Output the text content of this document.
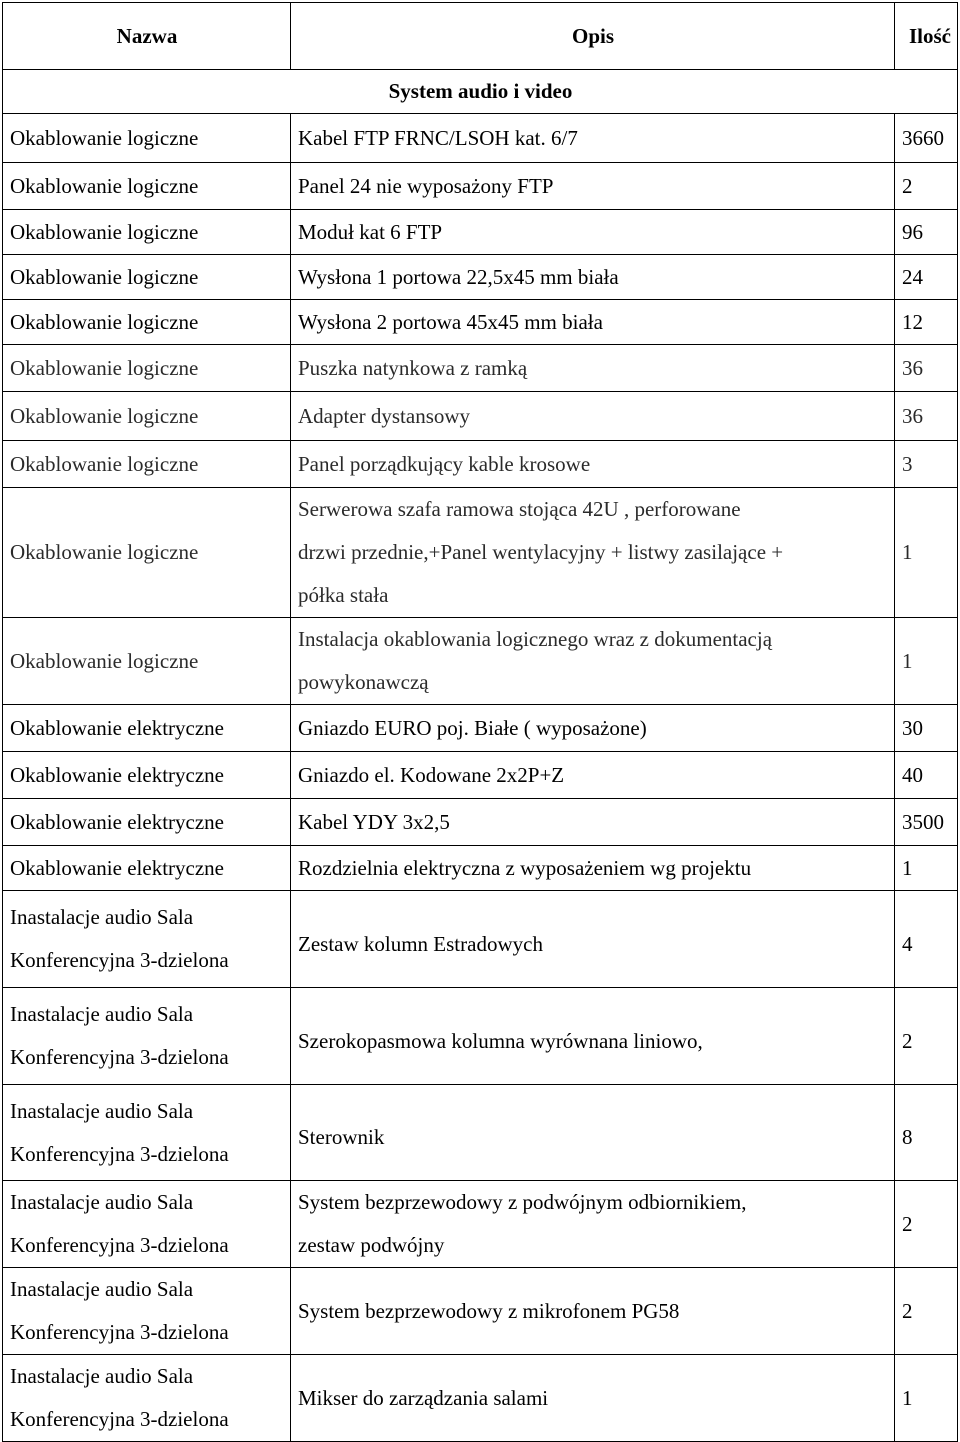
Nazwa	Opis	Ilość
System audio i video		
Okablowanie logiczne	Kabel FTP FRNC/LSOH kat. 6/7	3660
Okablowanie logiczne	Panel 24 nie wyposażony FTP	2
Okablowanie logiczne	Moduł kat 6 FTP	96
Okablowanie logiczne	Wysłona 1 portowa 22,5x45 mm biała	24
Okablowanie logiczne	Wysłona 2 portowa 45x45 mm biała	12
Okablowanie logiczne	Puszka natynkowa z ramką	36
Okablowanie logiczne	Adapter dystansowy	36
Okablowanie logiczne	Panel porządkujący kable krosowe	3
Okablowanie logiczne	Serwerowa szafa ramowa stojąca 42U , perforowane
drzwi przednie,+Panel wentylacyjny + listwy zasilające +
półka stała	1
Okablowanie logiczne	Instalacja okablowania logicznego wraz z dokumentacją
powykonawczą	1
Okablowanie elektryczne	Gniazdo EURO poj. Białe ( wyposażone)	30
Okablowanie elektryczne	Gniazdo el. Kodowane 2x2P+Z	40
Okablowanie elektryczne	Kabel YDY 3x2,5	3500
Okablowanie elektryczne	Rozdzielnia elektryczna z wyposażeniem wg projektu	1

Inastalacje audio Sala
Konferencyjna 3-dzielona	Zestaw kolumn Estradowych	4

Inastalacje audio Sala
Konferencyjna 3-dzielona	Szerokopasmowa kolumna wyrównana liniowo,	2

Inastalacje audio Sala
Konferencyjna 3-dzielona	Sterownik	8

Inastalacje audio Sala
Konferencyjna 3-dzielona	System bezprzewodowy z podwójnym odbiornikiem,
zestaw podwójny	2

Inastalacje audio Sala
Konferencyjna 3-dzielona	System bezprzewodowy z mikrofonem PG58	2

Inastalacje audio Sala
Konferencyjna 3-dzielona	Mikser do zarządzania salami	1
